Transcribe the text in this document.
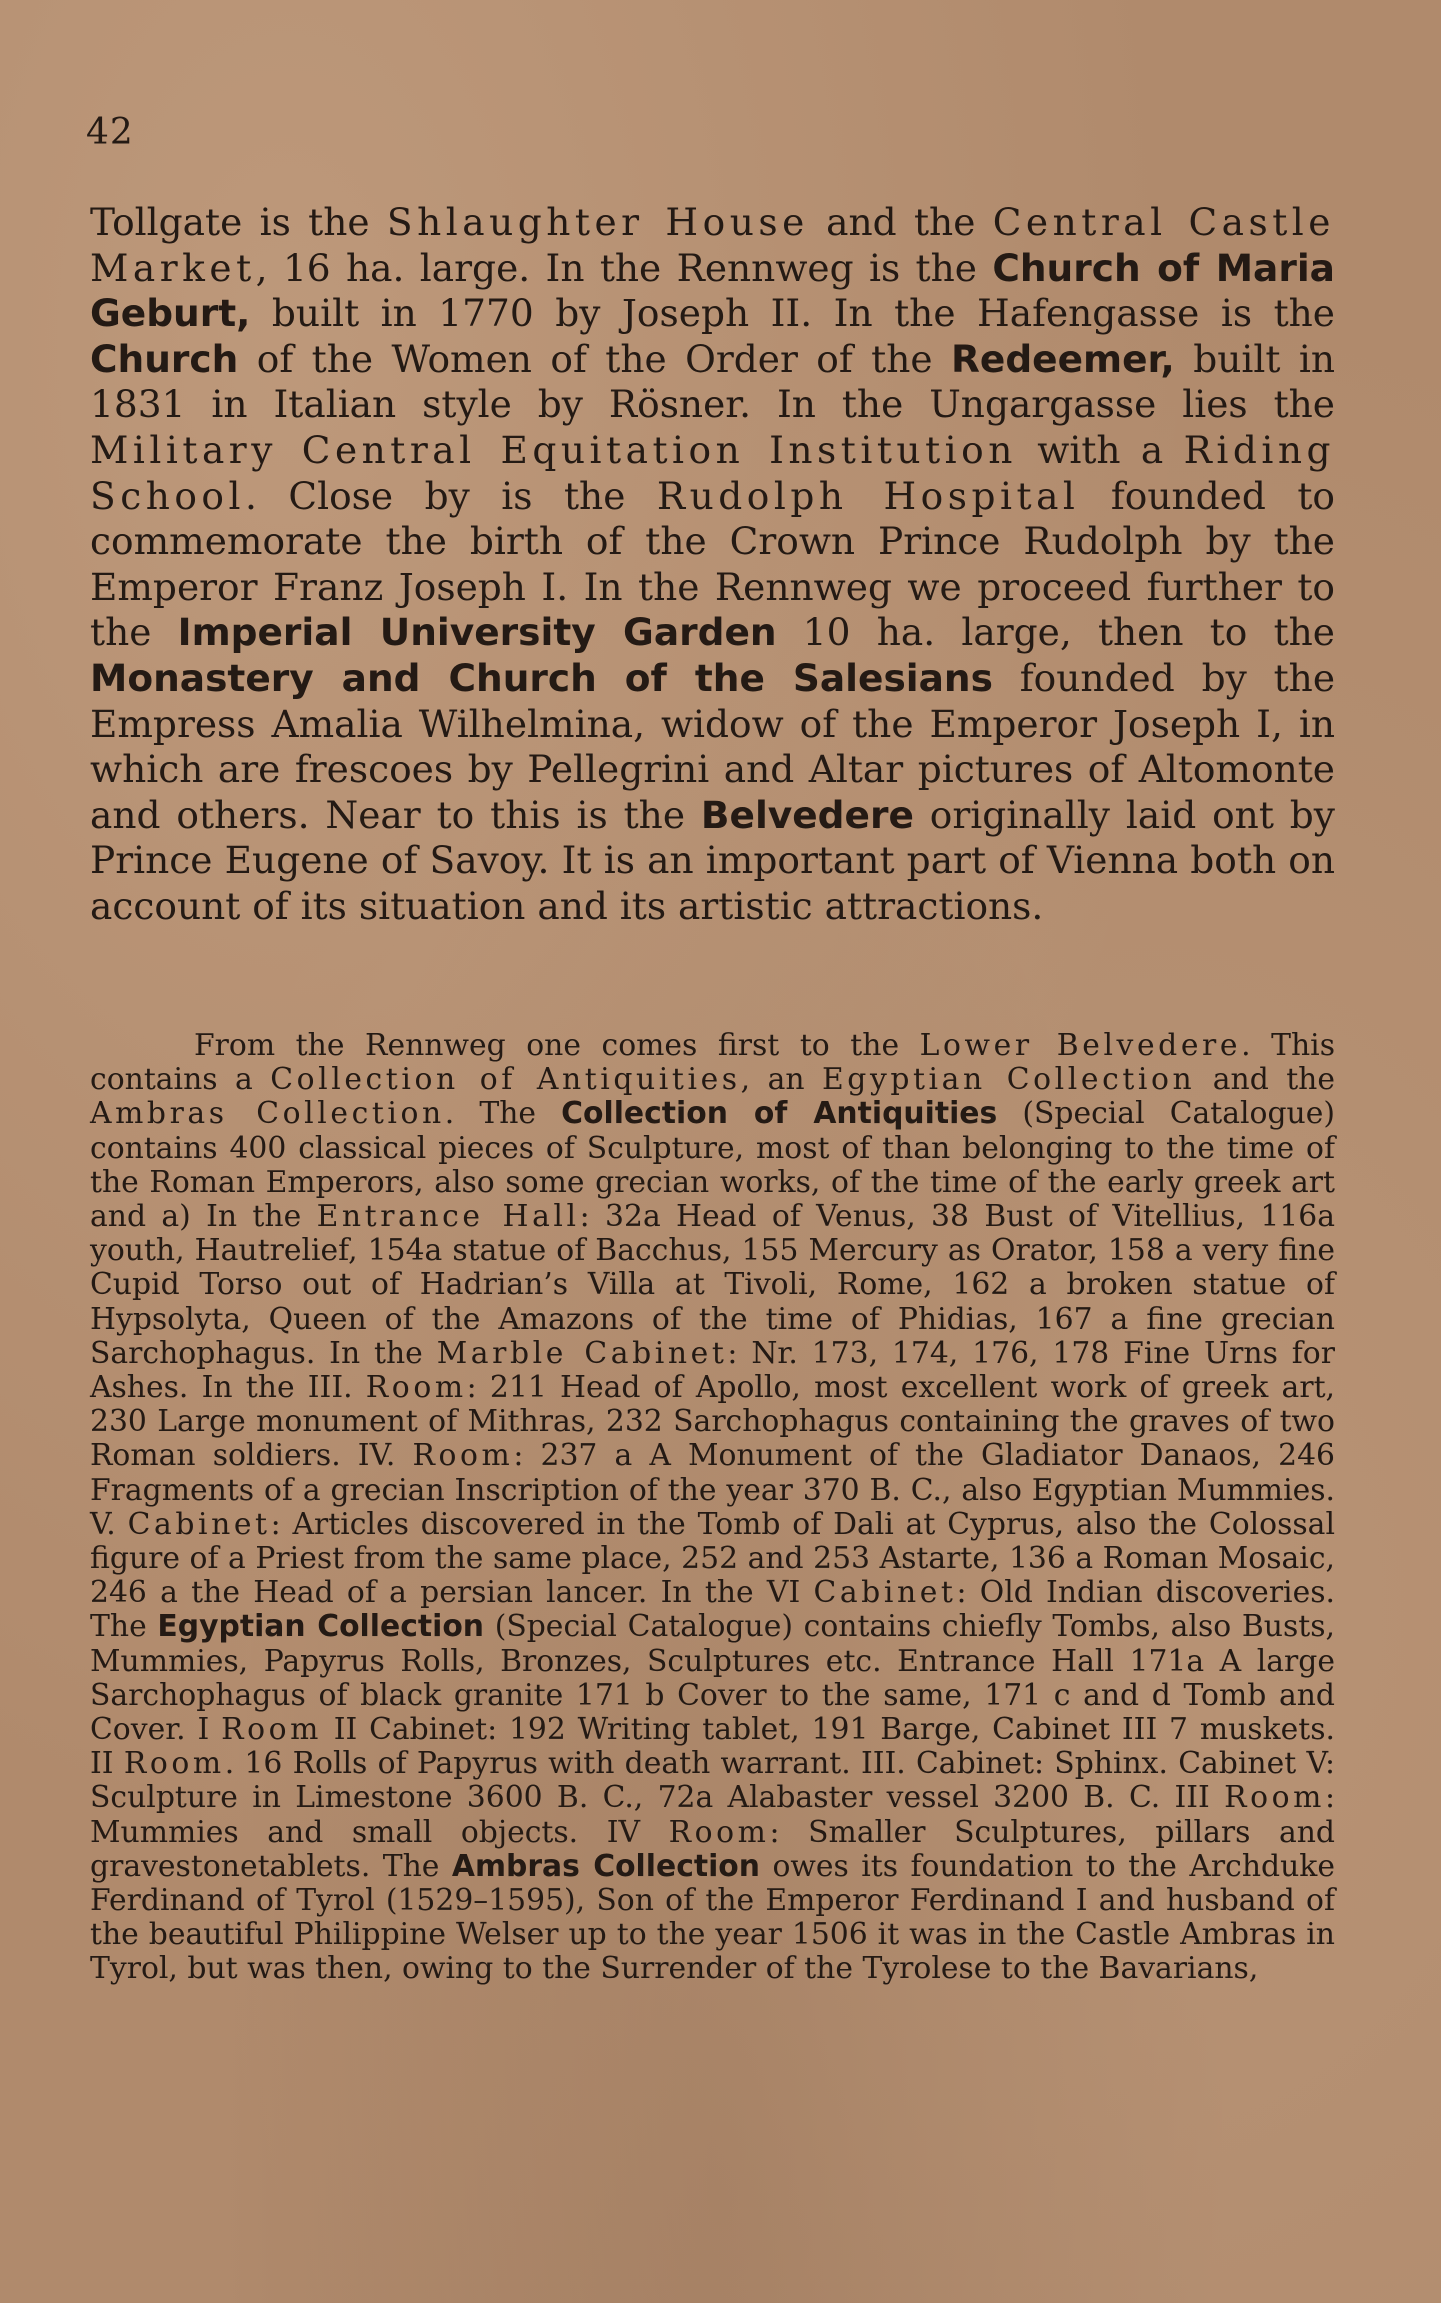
42

Tollgate is the Shlaughter House and the Central Castle Market, 16 ha. large. In the Rennweg is the Church of Maria Geburt, built in 1770 by Joseph II. In the Hafengasse is the Church of the Women of the Order of the Redeemer, built in 1831 in Italian style by Rösner. In the Ungargasse lies the Military Central Equitation Institution with a Riding School. Close by is the Rudolph Hospital founded to commemorate the birth of the Crown Prince Rudolph by the Emperor Franz Joseph I. In the Rennweg we proceed further to the Imperial University Garden 10 ha. large, then to the Monastery and Church of the Salesians founded by the Empress Amalia Wilhelmina, widow of the Emperor Joseph I, in which are frescoes by Pellegrini and Altar pictures of Altomonte and others. Near to this is the Belvedere originally laid ont by Prince Eugene of Savoy. It is an important part of Vienna both on account of its situation and its artistic attractions.

From the Rennweg one comes first to the Lower Belvedere. This contains a Collection of Antiquities, an Egyptian Collection and the Ambras Collection. The Collection of Antiquities (Special Catalogue) contains 400 classical pieces of Sculpture, most of than belonging to the time of the Roman Emperors, also some grecian works, of the time of the early greek art and a) In the Entrance Hall: 32a Head of Venus, 38 Bust of Vitellius, 116a youth, Hautrelief, 154a statue of Bacchus, 155 Mercury as Orator, 158 a very fine Cupid Torso out of Hadrian’s Villa at Tivoli, Rome, 162 a broken statue of Hypsolyta, Queen of the Amazons of the time of Phidias, 167 a fine grecian Sarchophagus. In the Marble Cabinet: Nr. 173, 174, 176, 178 Fine Urns for Ashes. In the III. Room: 211 Head of Apollo, most excellent work of greek art, 230 Large monument of Mithras, 232 Sarchophagus containing the graves of two Roman soldiers. IV. Room: 237 a A Monument of the Gladiator Danaos, 246 Fragments of a grecian Inscription of the year 370 B. C., also Egyptian Mummies. V. Cabinet: Articles discovered in the Tomb of Dali at Cyprus, also the Colossal figure of a Priest from the same place, 252 and 253 Astarte, 136 a Roman Mosaic, 246 a the Head of a persian lancer. In the VI Cabinet: Old Indian discoveries. The Egyptian Collection (Special Catalogue) contains chiefly Tombs, also Busts, Mummies, Papyrus Rolls, Bronzes, Sculptures etc. Entrance Hall 171a A large Sarchophagus of black granite 171 b Cover to the same, 171 c and d Tomb and Cover. I Room II Cabinet: 192 Writing tablet, 191 Barge, Cabinet III 7 muskets. II Room. 16 Rolls of Papyrus with death warrant. III. Cabinet: Sphinx. Cabinet V: Sculpture in Limestone 3600 B. C., 72a Alabaster vessel 3200 B. C. III Room: Mummies and small objects. IV Room: Smaller Sculptures, pillars and gravestonetablets. The Ambras Collection owes its foundation to the Archduke Ferdinand of Tyrol (1529–1595), Son of the Emperor Ferdinand I and husband of the beautiful Philippine Welser up to the year 1506 it was in the Castle Ambras in Tyrol, but was then, owing to the Surrender of the Tyrolese to the Bavarians,
